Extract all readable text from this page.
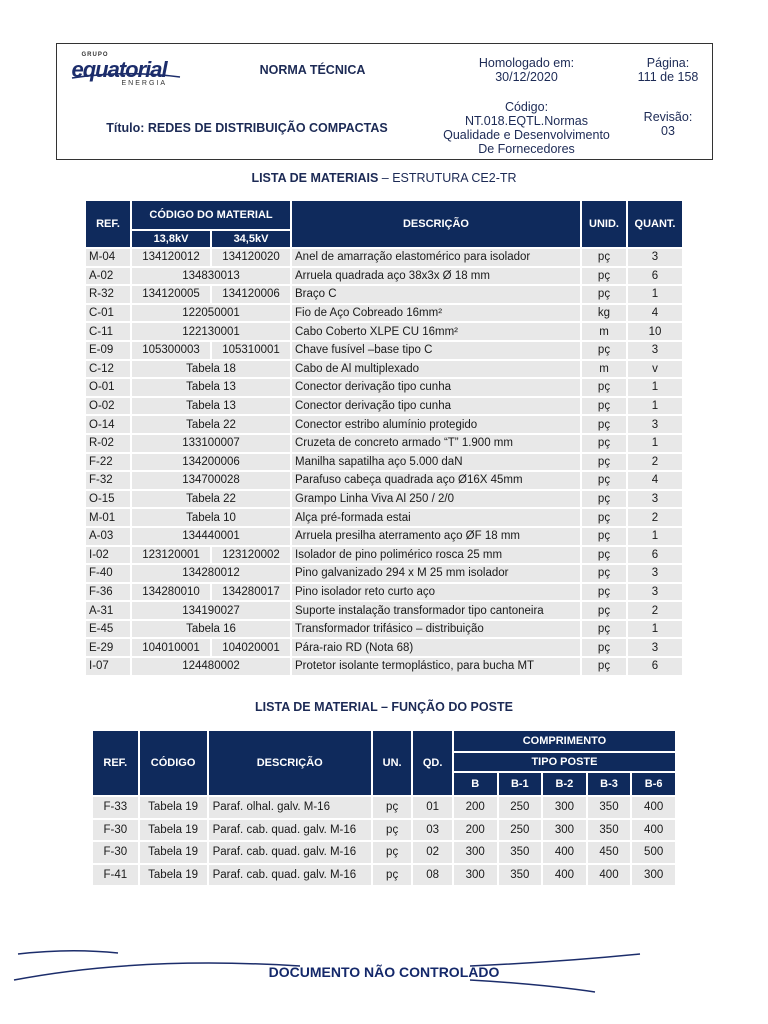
GRUPO
equatorial
ENERGIA
NORMA TÉCNICA	Homologado em:
30/12/2020
Página:
111 de 158
Título: REDES DE DISTRIBUIÇÃO COMPACTAS
Código:
NT.018.EQTL.Normas
Qualidade e Desenvolvimento
De Fornecedores
Revisão:
03
LISTA DE MATERIAIS – ESTRUTURA CE2-TR
REF.	CÓDIGO DO MATERIAL		DESCRIÇÃO	UNID.	QUANT.
	13,8kV	34,5kV			
M-04	134120012	134120020	Anel de amarração elastomérico para isolador	pç	3
A-02	134830013		Arruela quadrada aço 38x3x Ø 18 mm	pç	6
R-32	134120005	134120006	Braço C	pç	1
C-01	122050001		Fio de Aço Cobreado 16mm²	kg	4
C-11	122130001		Cabo Coberto XLPE CU 16mm²	m	10
E-09	105300003	105310001	Chave fusível –base tipo C	pç	3
C-12	Tabela 18		Cabo de Al multiplexado	m	v
O-01	Tabela 13		Conector derivação tipo cunha	pç	1
O-02	Tabela 13		Conector derivação tipo cunha	pç	1
O-14	Tabela 22		Conector estribo alumínio protegido	pç	3
R-02	133100007		Cruzeta de concreto armado “T” 1.900 mm	pç	1
F-22	134200006		Manilha sapatilha aço 5.000 daN	pç	2
F-32	134700028		Parafuso cabeça quadrada aço Ø16X 45mm	pç	4
O-15	Tabela 22		Grampo Linha Viva Al 250 / 2/0	pç	3
M-01	Tabela 10		Alça pré-formada estai	pç	2
A-03	134440001		Arruela presilha aterramento aço ØF 18 mm	pç	1
I-02	123120001	123120002	Isolador de pino polimérico rosca 25 mm	pç	6
F-40	134280012		Pino galvanizado 294 x M 25 mm isolador	pç	3
F-36	134280010	134280017	Pino isolador reto curto aço	pç	3
A-31	134190027		Suporte instalação transformador tipo cantoneira	pç	2
E-45	Tabela 16		Transformador trifásico – distribuição	pç	1
E-29	104010001	104020001	Pára-raio RD (Nota 68)	pç	3
I-07	124480002		Protetor isolante termoplástico, para bucha MT	pç	6
LISTA DE MATERIAL – FUNÇÃO DO POSTE
REF.	CÓDIGO	DESCRIÇÃO	UN.	QD.	COMPRIMENTO				
					TIPO POSTE				
					B	B-1	B-2	B-3	B-6
F-33	Tabela 19	Paraf. olhal. galv. M-16	pç	01	200	250	300	350	400
F-30	Tabela 19	Paraf. cab. quad. galv. M-16	pç	03	200	250	300	350	400
F-30	Tabela 19	Paraf. cab. quad. galv. M-16	pç	02	300	350	400	450	500
F-41	Tabela 19	Paraf. cab. quad. galv. M-16	pç	08	300	350	400	400	300
DOCUMENTO NÃO CONTROLADO
